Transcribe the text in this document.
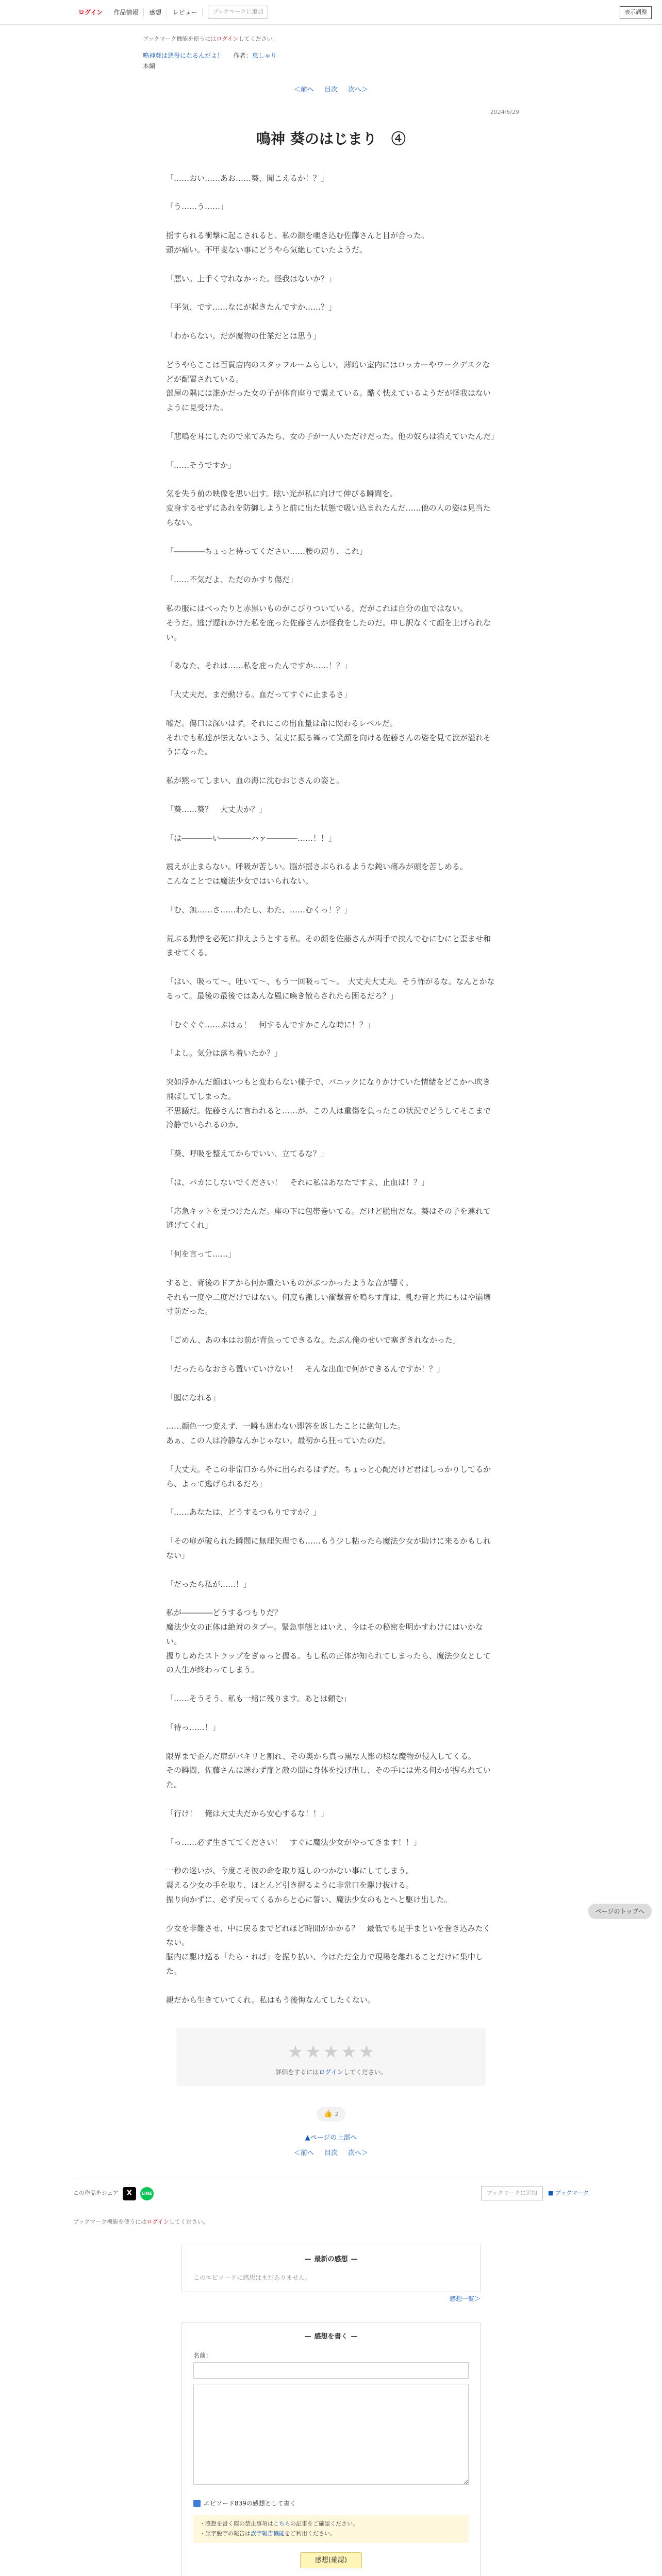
ログイン	作品情報	感想	レビュー	ブックマークに追加	表示調整
ブックマーク機能を使うにはログインしてください。
鳴神葵は悪役になるんだよ！ 　 作者：恵しゃり
本編
＜前へ 目次 次へ＞
2024/6/29
鳴神 葵のはじまり　④

「……おい……あお……葵、聞こえるか！？」

「う……う……」

揺すられる衝撃に起こされると、私の顔を覗き込む佐藤さんと目が合った。
頭が痛い。不甲斐ない事にどうやら気絶していたようだ。

「悪い。上手く守れなかった。怪我はないか？」

「平気、です……なにが起きたんですか……？」

「わからない。だが魔物の仕業だとは思う」

どうやらここは百貨店内のスタッフルームらしい。薄暗い室内にはロッカーやワークデスクなどが配置されている。
部屋の隅には誰かだった女の子が体育座りで震えている。酷く怯えているようだが怪我はないように見受けた。

「悲鳴を耳にしたので来てみたら、女の子が一人いただけだった。他の奴らは消えていたんだ」

「……そうですか」

気を失う前の映像を思い出す。眩い光が私に向けて伸びる瞬間を。
変身するせずにあれを防御しようと前に出た状態で吸い込まれたんだ……他の人の姿は見当たらない。

「――――ちょっと待ってください……腰の辺り、これ」

「……不気だよ、ただのかすり傷だ」

私の服にはべったりと赤黒いものがこびりついている。だがこれは自分の血ではない。
そうだ。逃げ遅れかけた私を庇った佐藤さんが怪我をしたのだ。申し訳なくて顔を上げられない。

「あなた、それは……私を庇ったんですか……！？」

「大丈夫だ。まだ動ける。血だってすぐに止まるさ」

嘘だ。傷口は深いはず。それにこの出血量は命に関わるレベルだ。
それでも私達が怯えないよう、気丈に振る舞って笑顔を向ける佐藤さんの姿を見て涙が溢れそうになった。

私が黙ってしまい、血の海に沈むおじさんの姿と。

「葵……葵？　大丈夫か？」

「は――――い――――ハァ――――……！！」

震えが止まらない。呼吸が苦しい。脳が揺さぶられるような鈍い痛みが頭を苦しめる。
こんなことでは魔法少女ではいられない。

「む、無……さ……わたし、わた、……むくっ！？」

荒ぶる動悸を必死に抑えようとする私。その顔を佐藤さんが両手で挟んでむにむにと歪ませ和ませてくる。

「はい、吸って～、吐いて～、もう一回吸って～。　大丈夫大丈夫。そう怖がるな。なんとかなるって。最後の最後ではあんな風に喚き散らされたら困るだろ？」

「むぐぐぐ……ぷはぁ！　何するんですかこんな時に！？」

「よし。気分は落ち着いたか？」

突如浮かんだ顔はいつもと変わらない様子で、パニックになりかけていた情緒をどこかへ吹き飛ばしてしまった。
不思議だ。佐藤さんに言われると……が、この人は重傷を負ったこの状況でどうしてそこまで冷静でいられるのか。

「葵、呼吸を整えてからでいい、立てるな？」

「は、バカにしないでください！　それに私はあなたですよ、止血は！？」

「応急キットを見つけたんだ。座の下に包帯巻いてる。だけど脱出だな。葵はその子を連れて逃げてくれ」

「何を言って……」

すると、背後のドアから何か重たいものがぶつかったような音が響く。
それも一度や二度だけではない。何度も激しい衝撃音を鳴らす扉は、軋む音と共にもはや崩壊寸前だった。

「ごめん、あの本はお前が背負ってできるな。たぶん俺のせいで塞ぎきれなかった」

「だったらなおさら置いていけない！　そんな出血で何ができるんですか！？」

「囮になれる」

……顔色一つ変えず、一瞬も迷わない即答を返したことに絶句した。
あぁ、この人は冷静なんかじゃない。最初から狂っていたのだ。

「大丈夫。そこの非常口から外に出られるはずだ。ちょっと心配だけど君はしっかりしてるから、よって逃げられるだろ」

「……あなたは、どうするつもりですか？」

「その扉が破られた瞬間に無理矢理でも……もう少し粘ったら魔法少女が助けに来るかもしれない」

「だったら私が……！」

私が――――どうするつもりだ？
魔法少女の正体は絶対のタブー。緊急事態とはいえ、今はその秘密を明かすわけにはいかない。
握りしめたストラップをぎゅっと握る。もし私の正体が知られてしまったら、魔法少女としての人生が終わってしまう。

「……そうそう、私も一緒に残ります。あとは頼む」

「待っ……！」

限界まで歪んだ扉がバキリと割れ、その奥から真っ黒な人影の様な魔物が侵入してくる。
その瞬間、佐藤さんは迷わず扉と敵の間に身体を投げ出し、その手には光る何かが握られていた。

「行け！　俺は大丈夫だから安心するな！！」

「っ……必ず生きててください！　すぐに魔法少女がやってきます！！」

一秒の迷いが、今度こそ彼の命を取り返しのつかない事にしてしまう。
震える少女の手を取り、ほとんど引き摺るように非常口を駆け抜ける。
振り向かずに、必ず戻ってくるからと心に誓い、魔法少女のもとへと駆け出した。

少女を非難させ、中に戻るまでどれほど時間がかかる？　最低でも足手まといを巻き込みたくない。
脳内に駆け巡る「たら・れば」を振り払い、今はただ全力で現場を離れることだけに集中した。

親だから生きていてくれ。私はもう後悔なんてしたくない。

★ ★ ★ ★ ★
評価をするにはログインしてください。
👍 2
▲ページの上部へ
＜前へ 目次 次へ＞
この作品をシェア	X	LINE	ブックマークに追加	■ ブックマーク
ブックマーク機能を使うにはログインしてください。
— 最新の感想 —
このエピソードに感想はまだありません。
感想一覧＞
— 感想を書く —
名前：

エピソード839の感想として書く
・感想を書く際の禁止事項はこちらの記事をご確認ください。
・誤字脱字の報告は誤字報告機能をご利用ください。
感想(確認)
ページのトップへ
